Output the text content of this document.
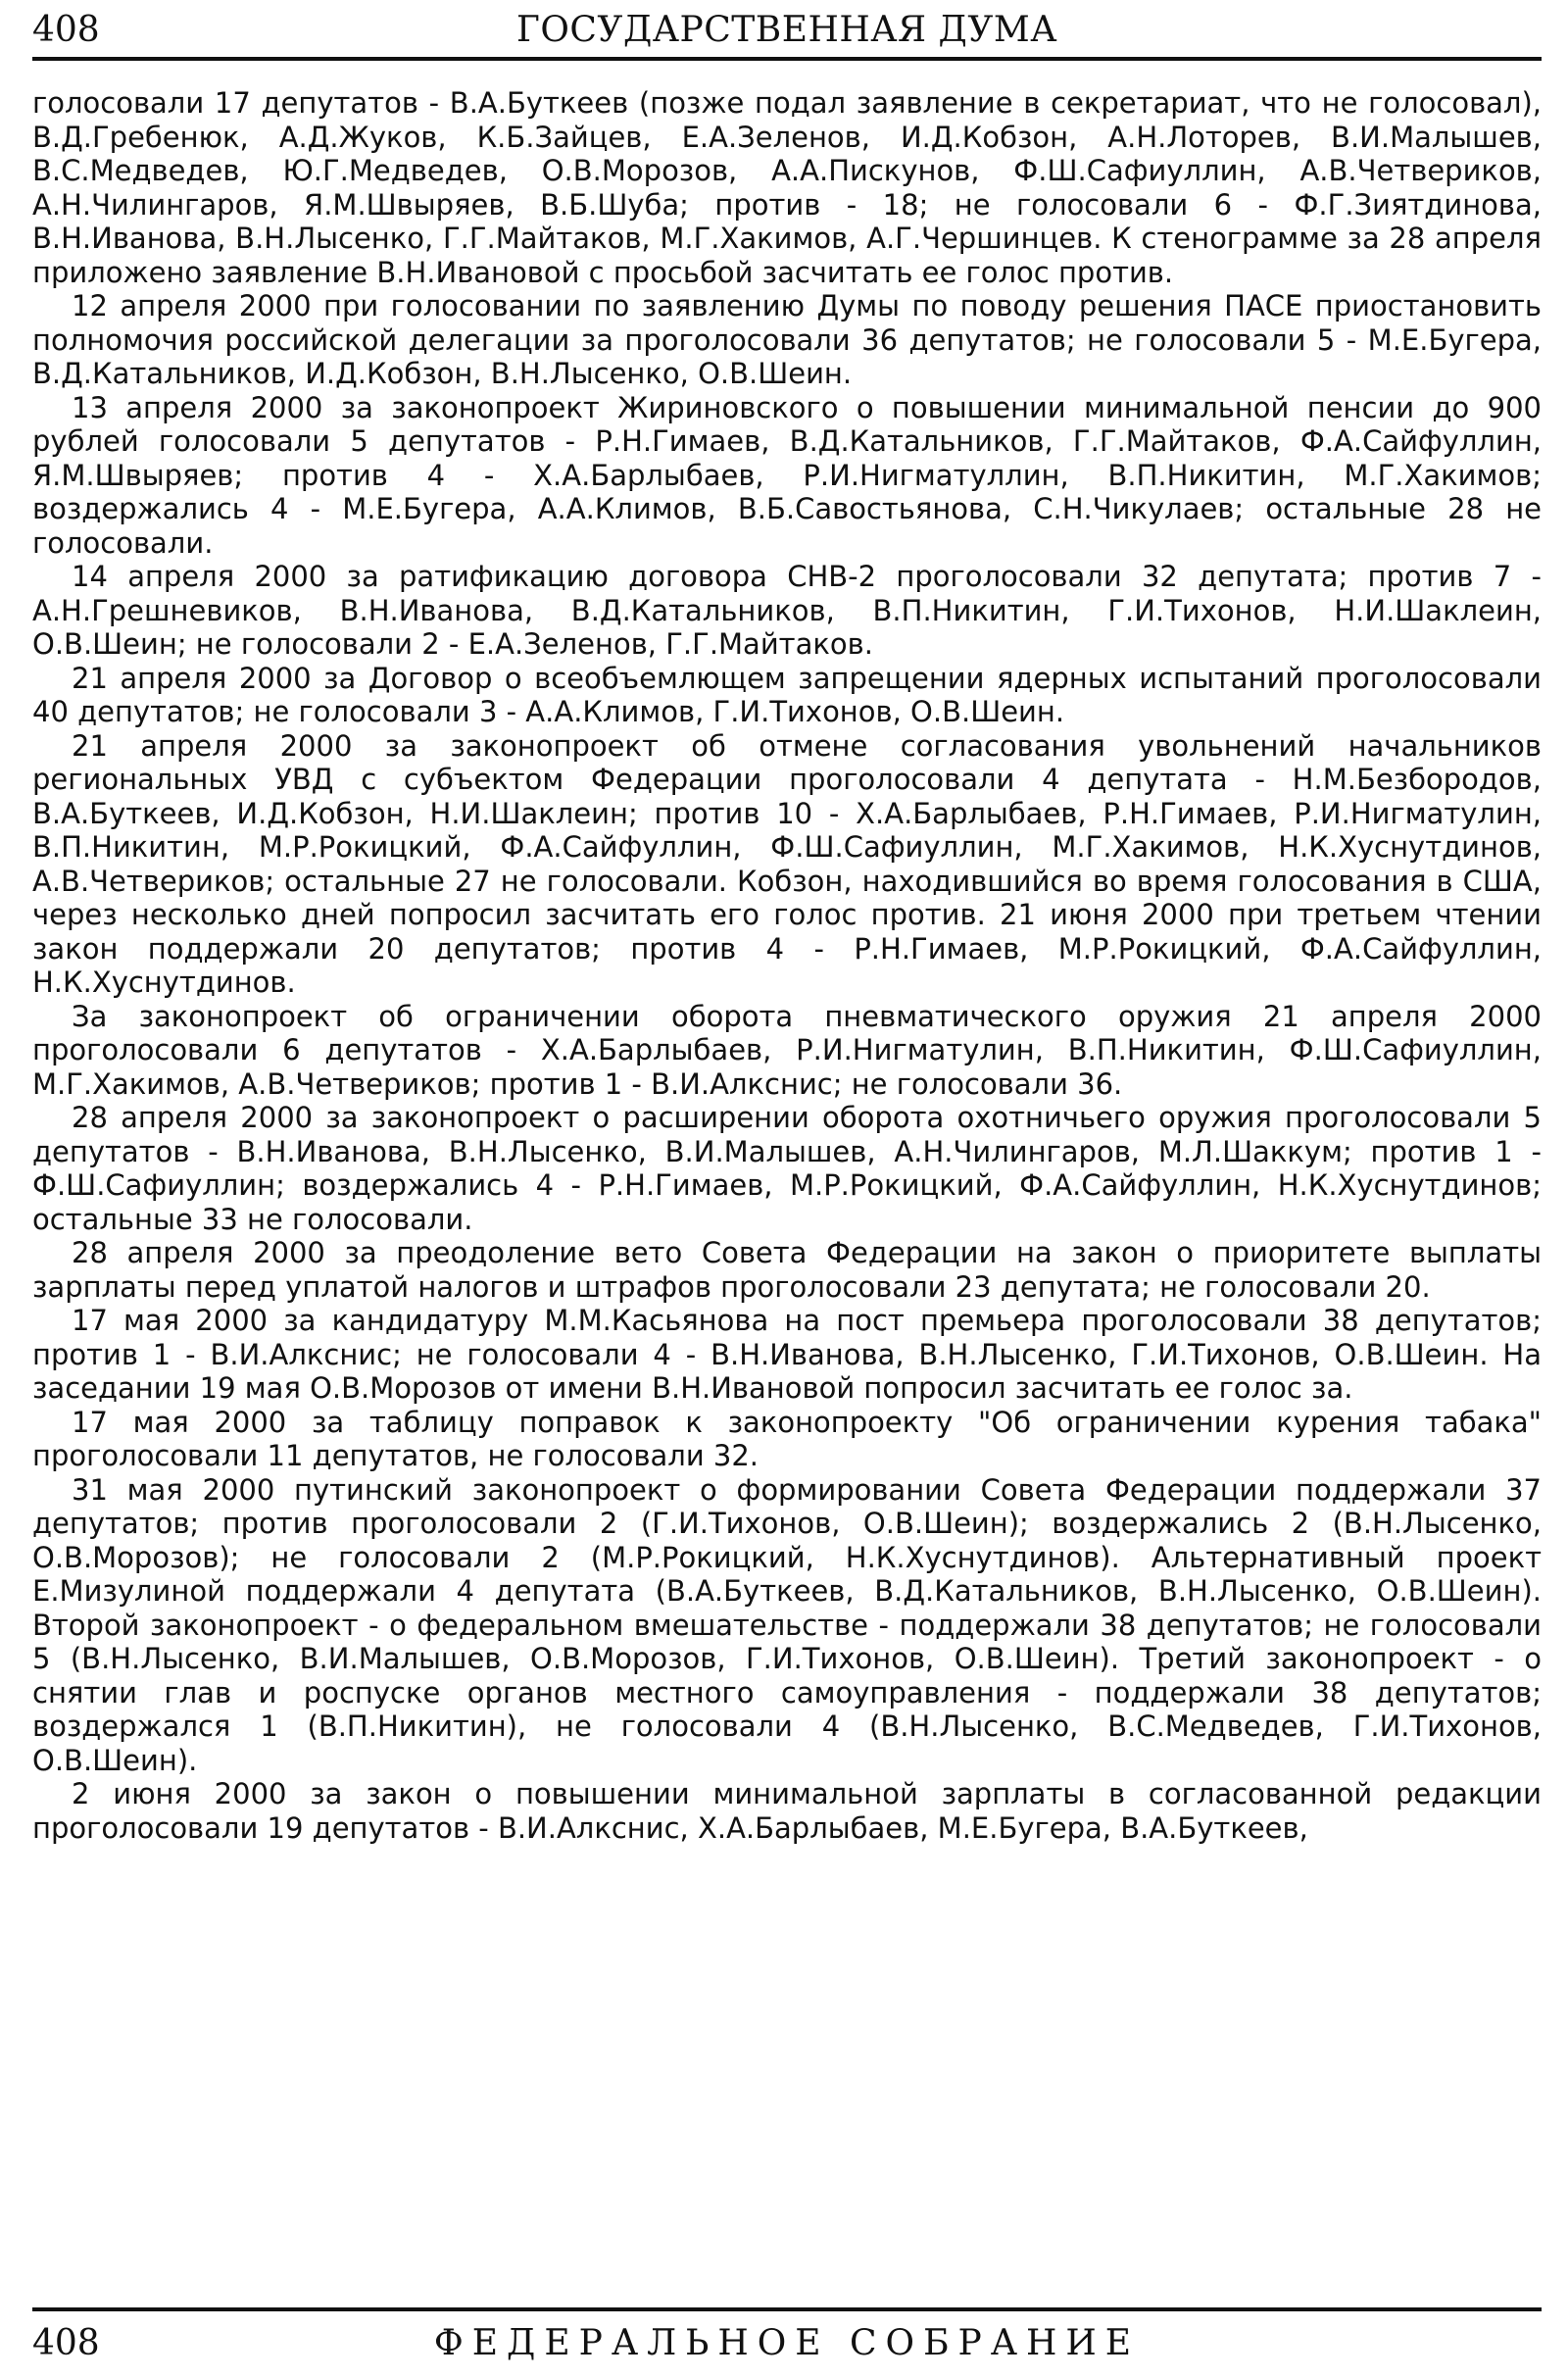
408	ГОСУДАРСТВЕННАЯ ДУМА

голосовали 17 депутатов - В.А.Буткеев (позже подал заявление в секретариат, что не голосовал), В.Д.Гребенюк, А.Д.Жуков, К.Б.Зайцев, Е.А.Зеленов, И.Д.Кобзон, А.Н.Лоторев, В.И.Малышев, В.С.Медведев, Ю.Г.Медведев, О.В.Морозов, А.А.Пискунов, Ф.Ш.Сафиуллин, А.В.Четвериков, А.Н.Чилингаров, Я.М.Швыряев, В.Б.Шуба; против - 18; не голосовали 6 - Ф.Г.Зиятдинова, В.Н.Иванова, В.Н.Лысенко, Г.Г.Майтаков, М.Г.Хакимов, А.Г.Чершинцев. К стенограмме за 28 апреля приложено заявление В.Н.Ивановой с просьбой засчитать ее голос против.

12 апреля 2000 при голосовании по заявлению Думы по поводу решения ПАСЕ приостановить полномочия российской делегации за проголосовали 36 депутатов; не голосовали 5 - М.Е.Бугера, В.Д.Катальников, И.Д.Кобзон, В.Н.Лысенко, О.В.Шеин.

13 апреля 2000 за законопроект Жириновского о повышении минимальной пенсии до 900 рублей голосовали 5 депутатов - Р.Н.Гимаев, В.Д.Катальников, Г.Г.Майтаков, Ф.А.Сайфуллин, Я.М.Швыряев; против 4 - Х.А.Барлыбаев, Р.И.Нигматуллин, В.П.Никитин, М.Г.Хакимов; воздержались 4 - М.Е.Бугера, А.А.Климов, В.Б.Савостьянова, С.Н.Чикулаев; остальные 28 не голосовали.

14 апреля 2000 за ратификацию договора СНВ-2 проголосовали 32 депутата; против 7 - А.Н.Грешневиков, В.Н.Иванова, В.Д.Катальников, В.П.Никитин, Г.И.Тихонов, Н.И.Шаклеин, О.В.Шеин; не голосовали 2 - Е.А.Зеленов, Г.Г.Майтаков.

21 апреля 2000 за Договор о всеобъемлющем запрещении ядерных испытаний проголосовали 40 депутатов; не голосовали 3 - А.А.Климов, Г.И.Тихонов, О.В.Шеин.

21 апреля 2000 за законопроект об отмене согласования увольнений начальников региональных УВД с субъектом Федерации проголосовали 4 депутата - Н.М.Безбородов, В.А.Буткеев, И.Д.Кобзон, Н.И.Шаклеин; против 10 - Х.А.Барлыбаев, Р.Н.Гимаев, Р.И.Нигматулин, В.П.Никитин, М.Р.Рокицкий, Ф.А.Сайфуллин, Ф.Ш.Сафиуллин, М.Г.Хакимов, Н.К.Хуснутдинов, А.В.Четвериков; остальные 27 не голосовали. Кобзон, находившийся во время голосования в США, через несколько дней попросил засчитать его голос против. 21 июня 2000 при третьем чтении закон поддержали 20 депутатов; против 4 - Р.Н.Гимаев, М.Р.Рокицкий, Ф.А.Сайфуллин, Н.К.Хуснутдинов.

За законопроект об ограничении оборота пневматического оружия 21 апреля 2000 проголосовали 6 депутатов - Х.А.Барлыбаев, Р.И.Нигматулин, В.П.Никитин, Ф.Ш.Сафиуллин, М.Г.Хакимов, А.В.Четвериков; против 1 - В.И.Алкснис; не голосовали 36.

28 апреля 2000 за законопроект о расширении оборота охотничьего оружия проголосовали 5 депутатов - В.Н.Иванова, В.Н.Лысенко, В.И.Малышев, А.Н.Чилингаров, М.Л.Шаккум; против 1 - Ф.Ш.Сафиуллин; воздержались 4 - Р.Н.Гимаев, М.Р.Рокицкий, Ф.А.Сайфуллин, Н.К.Хуснутдинов; остальные 33 не голосовали.

28 апреля 2000 за преодоление вето Совета Федерации на закон о приоритете выплаты зарплаты перед уплатой налогов и штрафов проголосовали 23 депутата; не голосовали 20.

17 мая 2000 за кандидатуру М.М.Касьянова на пост премьера проголосовали 38 депутатов; против 1 - В.И.Алкснис; не голосовали 4 - В.Н.Иванова, В.Н.Лысенко, Г.И.Тихонов, О.В.Шеин. На заседании 19 мая О.В.Морозов от имени В.Н.Ивановой попросил засчитать ее голос за.

17 мая 2000 за таблицу поправок к законопроекту "Об ограничении курения табака" проголосовали 11 депутатов, не голосовали 32.

31 мая 2000 путинский законопроект о формировании Совета Федерации поддержали 37 депутатов; против проголосовали 2 (Г.И.Тихонов, О.В.Шеин); воздержались 2 (В.Н.Лысенко, О.В.Морозов); не голосовали 2 (М.Р.Рокицкий, Н.К.Хуснутдинов). Альтернативный проект Е.Мизулиной поддержали 4 депутата (В.А.Буткеев, В.Д.Катальников, В.Н.Лысенко, О.В.Шеин). Второй законопроект - о федеральном вмешательстве - поддержали 38 депутатов; не голосовали 5 (В.Н.Лысенко, В.И.Малышев, О.В.Морозов, Г.И.Тихонов, О.В.Шеин). Третий законопроект - о снятии глав и роспуске органов местного самоуправления - поддержали 38 депутатов; воздержался 1 (В.П.Никитин), не голосовали 4 (В.Н.Лысенко, В.С.Медведев, Г.И.Тихонов, О.В.Шеин).

2 июня 2000 за закон о повышении минимальной зарплаты в согласованной редакции проголосовали 19 депутатов - В.И.Алкснис, Х.А.Барлыбаев, М.Е.Бугера, В.А.Буткеев,

408	ФЕДЕРАЛЬНОЕ СОБРАНИЕ
